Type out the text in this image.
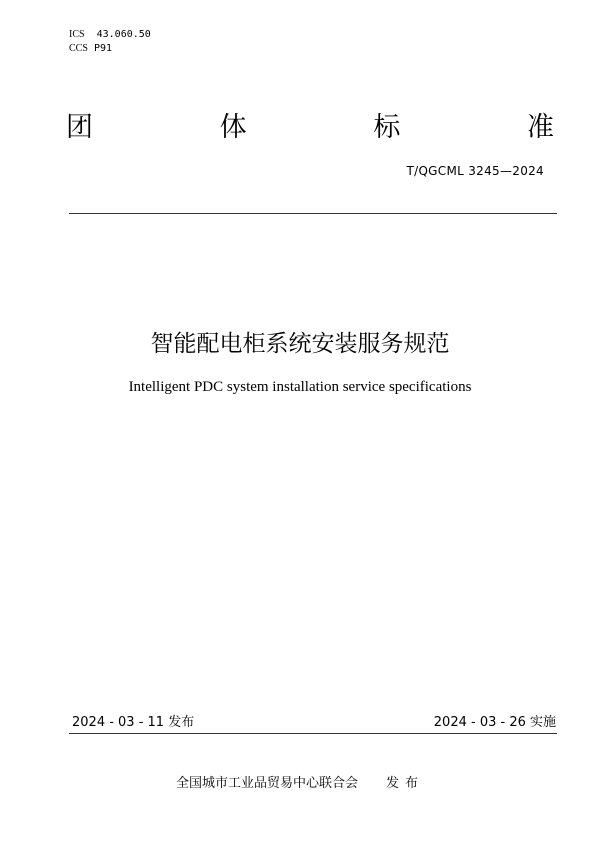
ICS 43.060.50
CCS P91
团	体	标	准
T/QGCML 3245—2024
智能配电柜系统安装服务规范
Intelligent PDC system installation service specifications
2024 - 03 - 11 发布	2024 - 03 - 26 实施
全国城市工业品贸易中心联合会 发布
